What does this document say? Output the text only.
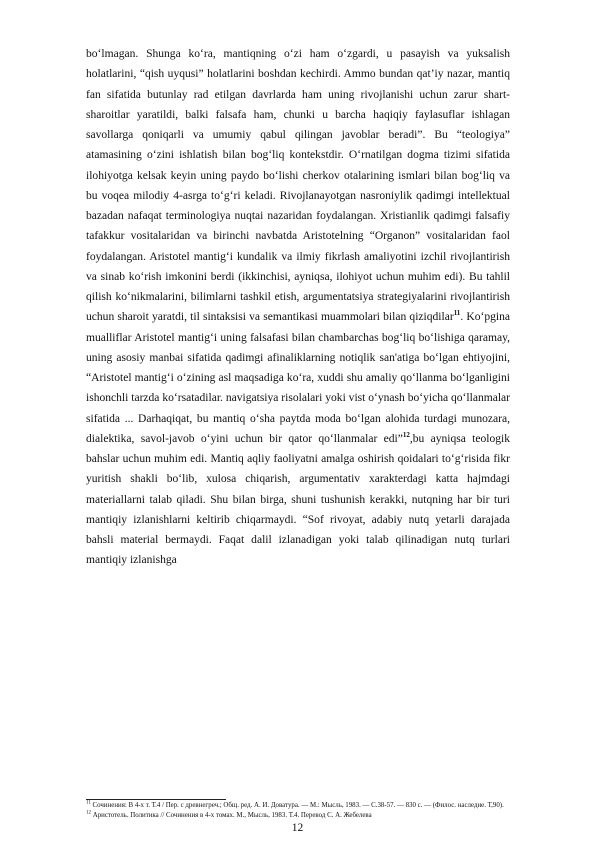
bo‘lmagan. Shunga ko‘ra, mantiqning o‘zi ham o‘zgardi, u pasayish va yuksalish holatlarini, “qish uyqusi” holatlarini boshdan kechirdi. Ammo bundan qat’iy nazar, mantiq fan sifatida butunlay rad etilgan davrlarda ham uning rivojlanishi uchun zarur shart-sharoitlar yaratildi, balki falsafa ham, chunki u barcha haqiqiy faylasuflar ishlagan savollarga qoniqarli va umumiy qabul qilingan javoblar beradi”. Bu “teologiya” atamasining o‘zini ishlatish bilan bog‘liq kontekstdir. O‘rnatilgan dogma tizimi sifatida ilohiyotga kelsak keyin uning paydo bo‘lishi cherkov otalarining ismlari bilan bog‘liq va bu voqea milodiy 4-asrga to‘g‘ri keladi. Rivojlanayotgan nasroniylik qadimgi intellektual bazadan nafaqat terminologiya nuqtai nazaridan foydalangan. Xristianlik qadimgi falsafiy tafakkur vositalaridan va birinchi navbatda Aristotelning “Organon” vositalaridan faol foydalangan. Aristotel mantig‘i kundalik va ilmiy fikrlash amaliyotini izchil rivojlantirish va sinab ko‘rish imkonini berdi (ikkinchisi, ayniqsa, ilohiyot uchun muhim edi). Bu tahlil qilish ko‘nikmalarini, bilimlarni tashkil etish, argumentatsiya strategiyalarini rivojlantirish uchun sharoit yaratdi, til sintaksisi va semantikasi muammolari bilan qiziqdilar$^{11}$. Ko‘pgina mualliflar Aristotel mantig‘i uning falsafasi bilan chambarchas bog‘liq bo‘lishiga qaramay, uning asosiy manbai sifatida qadimgi afinaliklarning notiqlik san'atiga bo‘lgan ehtiyojini, “Aristotel mantig‘i o‘zining asl maqsadiga ko‘ra, xuddi shu amaliy qo‘llanma bo‘lganligini ishonchli tarzda ko‘rsatadilar. navigatsiya risolalari yoki vist o‘ynash bo‘yicha qo‘llanmalar sifatida ... Darhaqiqat, bu mantiq o‘sha paytda moda bo‘lgan alohida turdagi munozara, dialektika, savol-javob o‘yini uchun bir qator qo‘llanmalar edi”$^{12}$,bu ayniqsa teologik bahslar uchun muhim edi. Mantiq aqliy faoliyatni amalga oshirish qoidalari to‘g‘risida fikr yuritish shakli bo‘lib, xulosa chiqarish, argumentativ xarakterdagi katta hajmdagi materiallarni talab qiladi. Shu bilan birga, shuni tushunish kerakki, nutqning har bir turi mantiqiy izlanishlarni keltirib chiqarmaydi. “Sof rivoyat, adabiy nutq yetarli darajada bahsli material bermaydi. Faqat dalil izlanadigan yoki talab qilinadigan nutq turlari mantiqiy izlanishga

$^{11}$ Сочинения: В 4-х т. Т.4 / Пер. с древнегреч.; Общ. ред. А. И. Доватура. — М.: Мысль, 1983. — С.38-57. — 830 с. — (Филос. наследие. Т,90).

$^{12}$ Аристотель. Политика // Сочинения в 4-х томах. М., Мысль, 1983. Т.4. Перевод С. А. Жебелева

12
